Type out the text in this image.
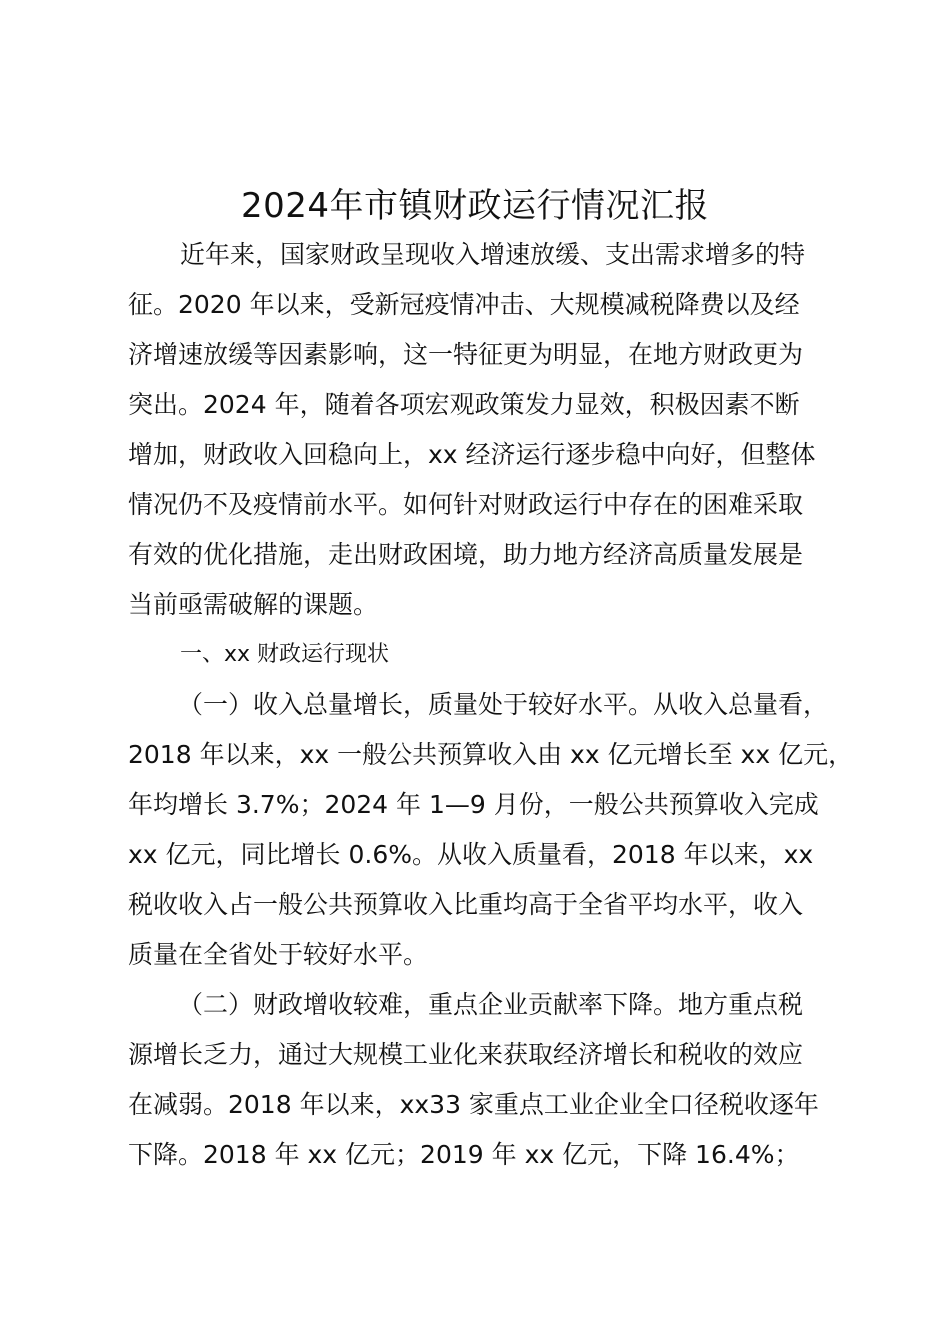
2024年市镇财政运行情况汇报
近年来，国家财政呈现收入增速放缓、支出需求增多的特
征。2020 年以来，受新冠疫情冲击、大规模减税降费以及经
济增速放缓等因素影响，这一特征更为明显，在地方财政更为
突出。2024 年，随着各项宏观政策发力显效，积极因素不断
增加，财政收入回稳向上，xx 经济运行逐步稳中向好，但整体
情况仍不及疫情前水平。如何针对财政运行中存在的困难采取
有效的优化措施，走出财政困境，助力地方经济高质量发展是
当前亟需破解的课题。
一、xx 财政运行现状
（一）收入总量增长，质量处于较好水平。从收入总量看，
2018 年以来，xx 一般公共预算收入由 xx 亿元增长至 xx 亿元，
年均增长 3.7%；2024 年 1—9 月份，一般公共预算收入完成
xx 亿元，同比增长 0.6%。从收入质量看，2018 年以来，xx
税收收入占一般公共预算收入比重均高于全省平均水平，收入
质量在全省处于较好水平。
（二）财政增收较难，重点企业贡献率下降。地方重点税
源增长乏力，通过大规模工业化来获取经济增长和税收的效应
在减弱。2018 年以来，xx33 家重点工业企业全口径税收逐年
下降。2018 年 xx 亿元；2019 年 xx 亿元，下降 16.4%；
